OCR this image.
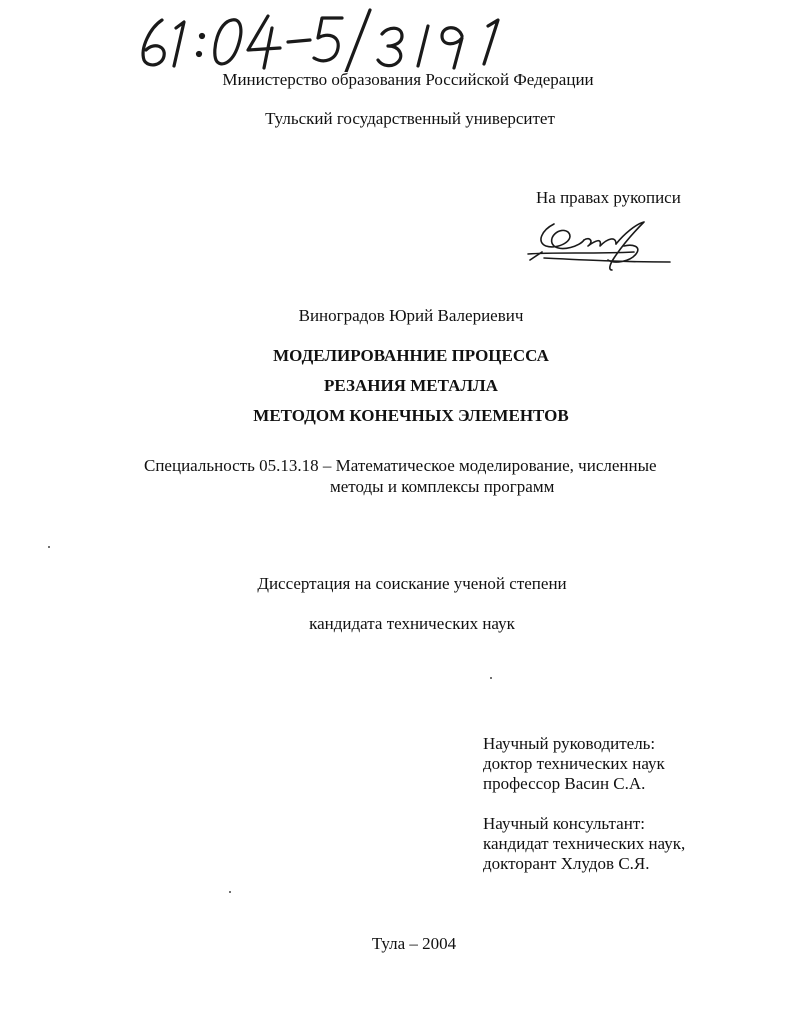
Министерство образования Российской Федерации
Тульский государственный университет
На правах рукописи
Виноградов Юрий Валериевич
МОДЕЛИРОВАННИЕ ПРОЦЕССА
РЕЗАНИЯ МЕТАЛЛА
МЕТОДОМ КОНЕЧНЫХ ЭЛЕМЕНТОВ
Специальность 05.13.18 – Математическое моделирование, численные
методы и комплексы программ
Диссертация на соискание ученой степени
кандидата технических наук
Научный руководитель:
доктор технических наук
профессор Васин С.А.
Научный консультант:
кандидат технических наук,
докторант Хлудов С.Я.
Тула – 2004
